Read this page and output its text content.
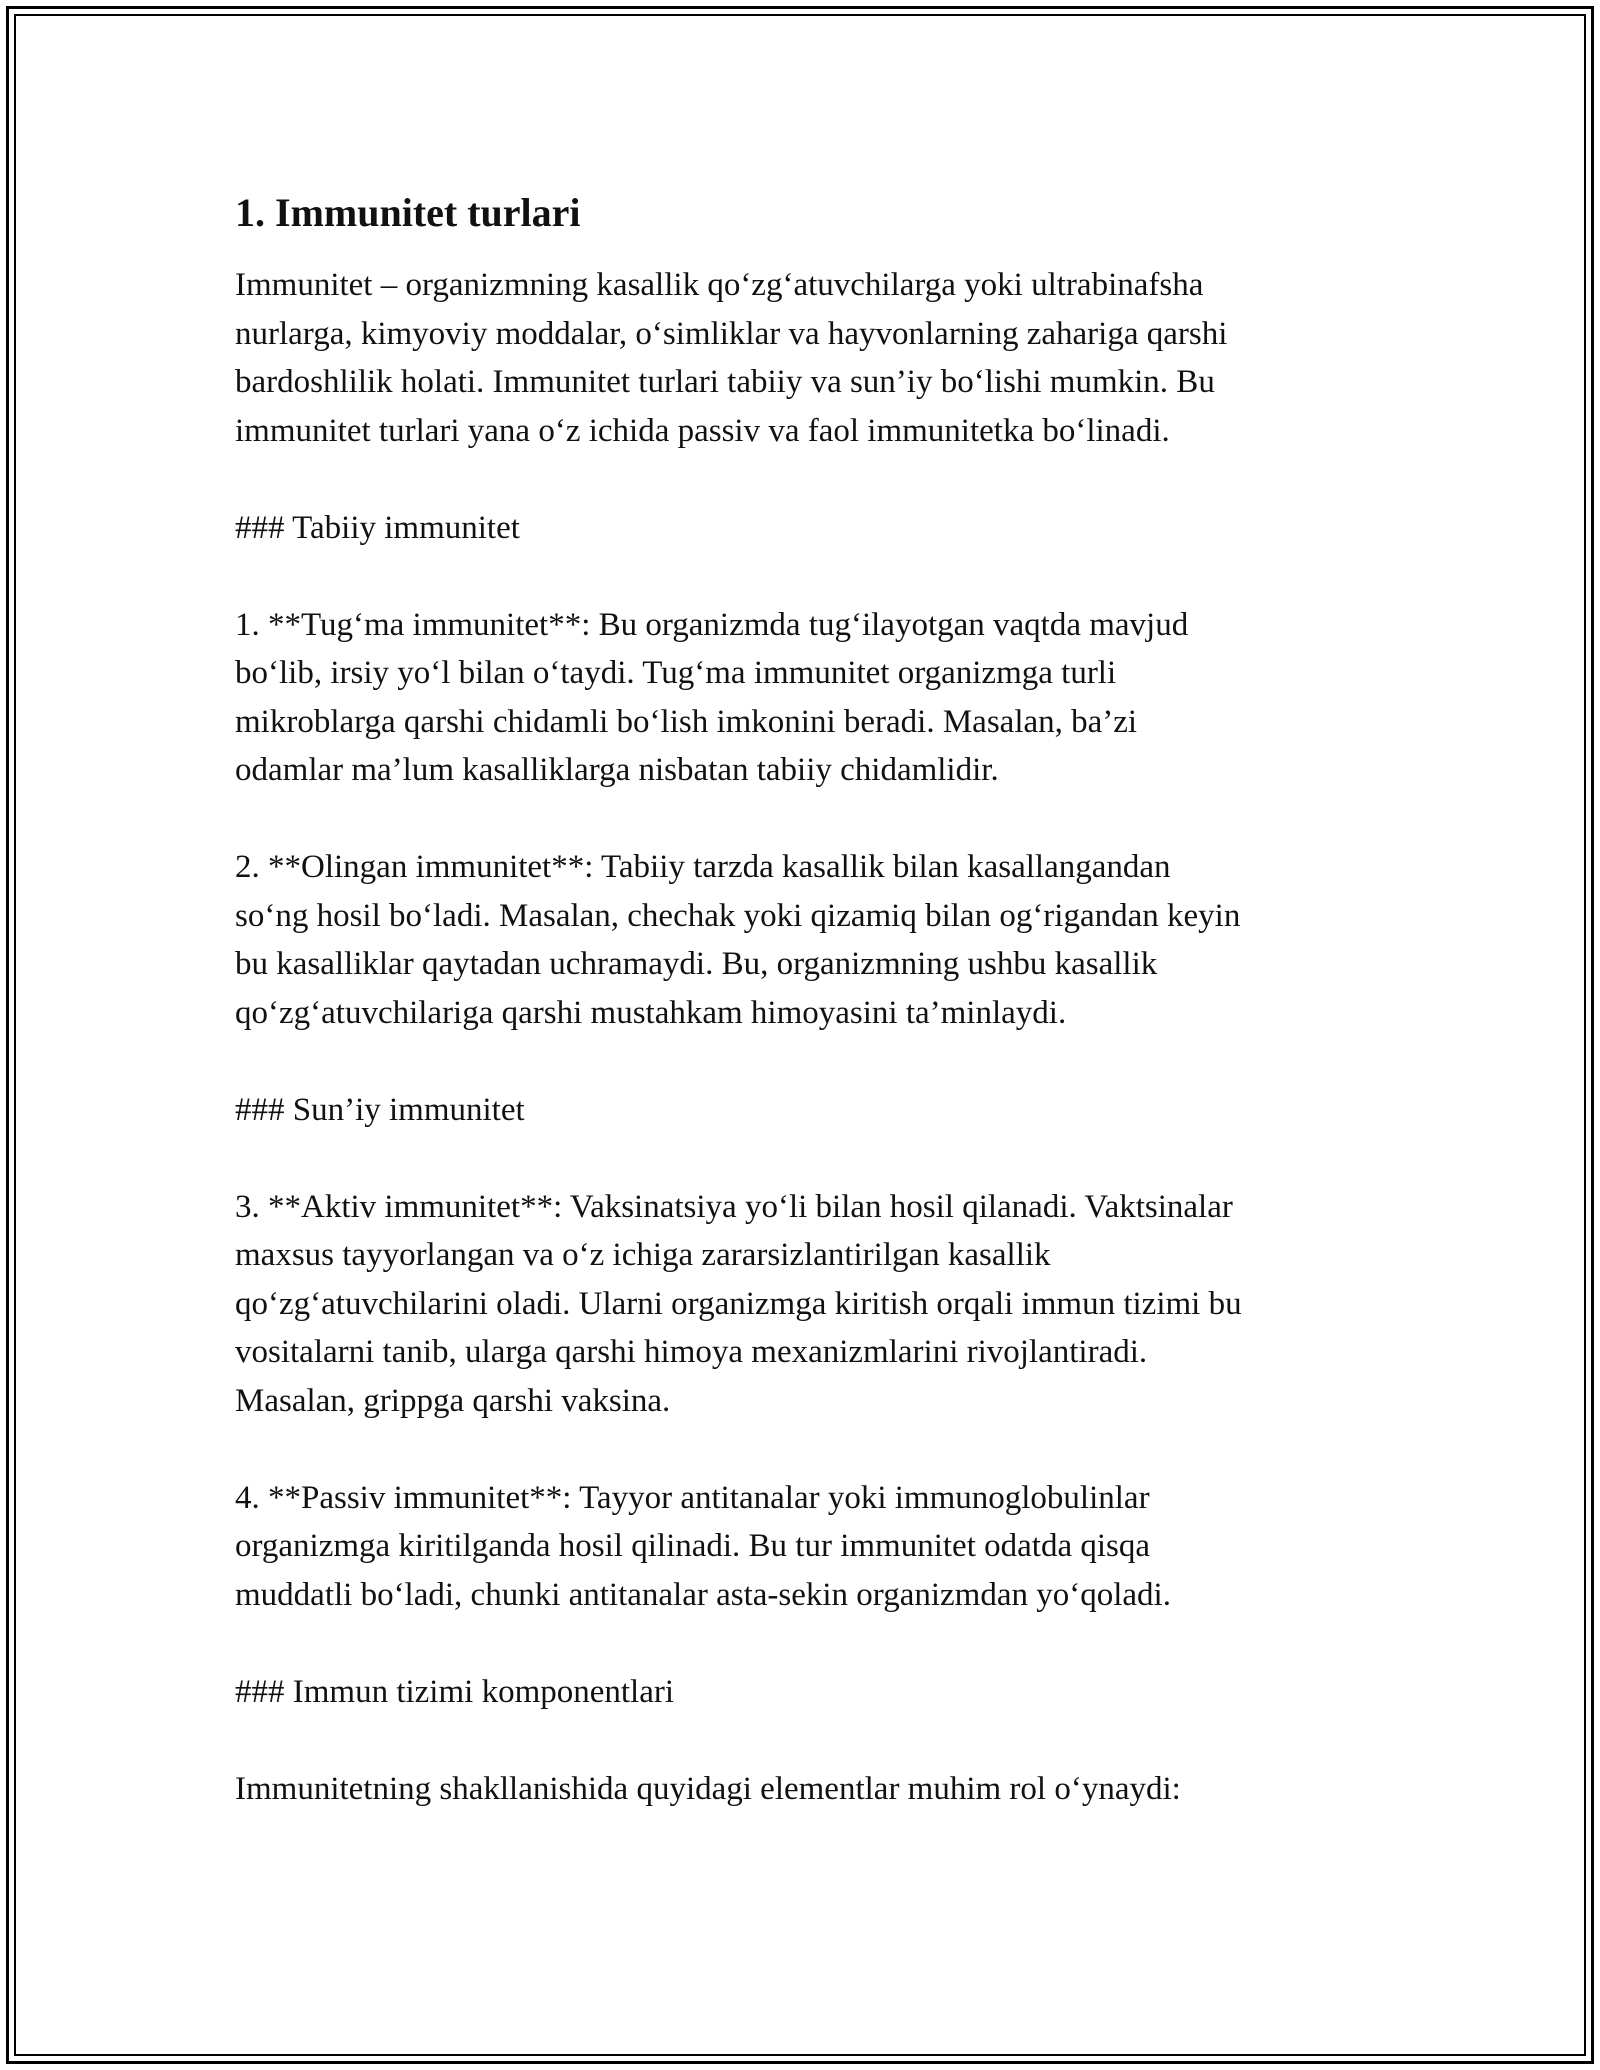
1. Immunitet turlari

Immunitet – organizmning kasallik qo‘zg‘atuvchilarga yoki ultrabinafsha
nurlarga, kimyoviy moddalar, o‘simliklar va hayvonlarning zahariga qarshi
bardoshlilik holati. Immunitet turlari tabiiy va sun’iy bo‘lishi mumkin. Bu
immunitet turlari yana o‘z ichida passiv va faol immunitetka bo‘linadi.

### Tabiiy immunitet

1. **Tug‘ma immunitet**: Bu organizmda tug‘ilayotgan vaqtda mavjud
bo‘lib, irsiy yo‘l bilan o‘taydi. Tug‘ma immunitet organizmga turli
mikroblarga qarshi chidamli bo‘lish imkonini beradi. Masalan, ba’zi
odamlar ma’lum kasalliklarga nisbatan tabiiy chidamlidir.

2. **Olingan immunitet**: Tabiiy tarzda kasallik bilan kasallangandan
so‘ng hosil bo‘ladi. Masalan, chechak yoki qizamiq bilan og‘rigandan keyin
bu kasalliklar qaytadan uchramaydi. Bu, organizmning ushbu kasallik
qo‘zg‘atuvchilariga qarshi mustahkam himoyasini ta’minlaydi.

### Sun’iy immunitet

3. **Aktiv immunitet**: Vaksinatsiya yo‘li bilan hosil qilanadi. Vaktsinalar
maxsus tayyorlangan va o‘z ichiga zararsizlantirilgan kasallik
qo‘zg‘atuvchilarini oladi. Ularni organizmga kiritish orqali immun tizimi bu
vositalarni tanib, ularga qarshi himoya mexanizmlarini rivojlantiradi.
Masalan, grippga qarshi vaksina.

4. **Passiv immunitet**: Tayyor antitanalar yoki immunoglobulinlar
organizmga kiritilganda hosil qilinadi. Bu tur immunitet odatda qisqa
muddatli bo‘ladi, chunki antitanalar asta-sekin organizmdan yo‘qoladi.

### Immun tizimi komponentlari

Immunitetning shakllanishida quyidagi elementlar muhim rol o‘ynaydi:
